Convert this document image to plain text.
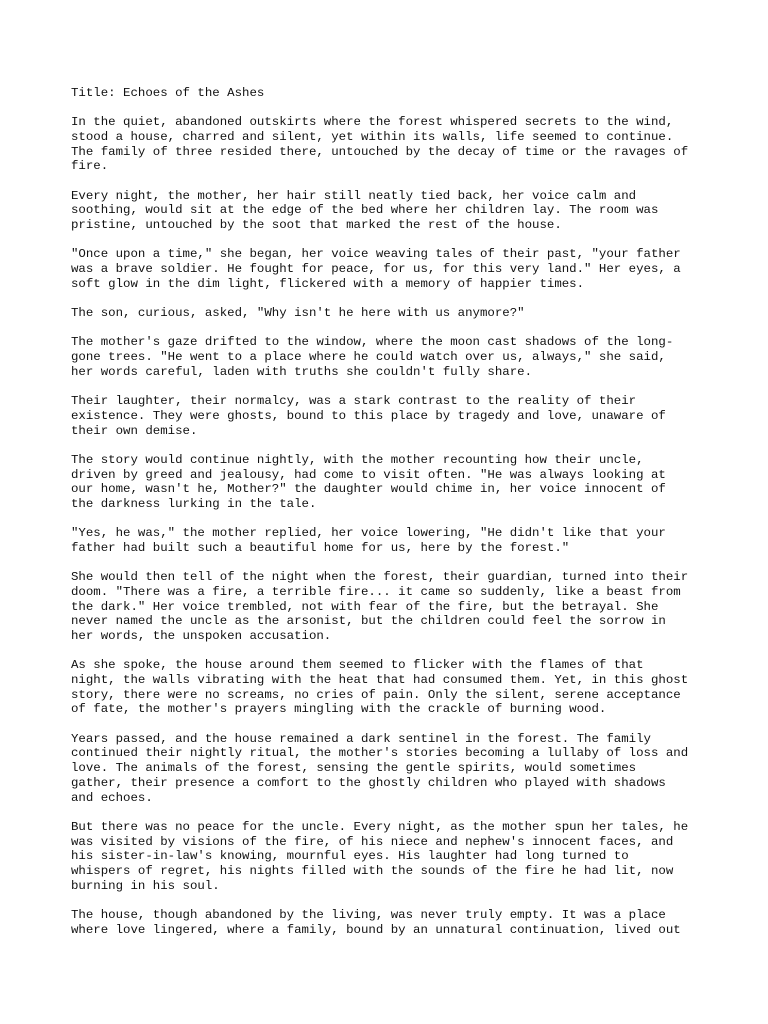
Title: Echoes of the Ashes

In the quiet, abandoned outskirts where the forest whispered secrets to the wind,
stood a house, charred and silent, yet within its walls, life seemed to continue.
The family of three resided there, untouched by the decay of time or the ravages of
fire.

Every night, the mother, her hair still neatly tied back, her voice calm and
soothing, would sit at the edge of the bed where her children lay. The room was
pristine, untouched by the soot that marked the rest of the house.

"Once upon a time," she began, her voice weaving tales of their past, "your father
was a brave soldier. He fought for peace, for us, for this very land." Her eyes, a
soft glow in the dim light, flickered with a memory of happier times.

The son, curious, asked, "Why isn't he here with us anymore?"

The mother's gaze drifted to the window, where the moon cast shadows of the long-
gone trees. "He went to a place where he could watch over us, always," she said,
her words careful, laden with truths she couldn't fully share.

Their laughter, their normalcy, was a stark contrast to the reality of their
existence. They were ghosts, bound to this place by tragedy and love, unaware of
their own demise.

The story would continue nightly, with the mother recounting how their uncle,
driven by greed and jealousy, had come to visit often. "He was always looking at
our home, wasn't he, Mother?" the daughter would chime in, her voice innocent of
the darkness lurking in the tale.

"Yes, he was," the mother replied, her voice lowering, "He didn't like that your
father had built such a beautiful home for us, here by the forest."

She would then tell of the night when the forest, their guardian, turned into their
doom. "There was a fire, a terrible fire... it came so suddenly, like a beast from
the dark." Her voice trembled, not with fear of the fire, but the betrayal. She
never named the uncle as the arsonist, but the children could feel the sorrow in
her words, the unspoken accusation.

As she spoke, the house around them seemed to flicker with the flames of that
night, the walls vibrating with the heat that had consumed them. Yet, in this ghost
story, there were no screams, no cries of pain. Only the silent, serene acceptance
of fate, the mother's prayers mingling with the crackle of burning wood.

Years passed, and the house remained a dark sentinel in the forest. The family
continued their nightly ritual, the mother's stories becoming a lullaby of loss and
love. The animals of the forest, sensing the gentle spirits, would sometimes
gather, their presence a comfort to the ghostly children who played with shadows
and echoes.

But there was no peace for the uncle. Every night, as the mother spun her tales, he
was visited by visions of the fire, of his niece and nephew's innocent faces, and
his sister-in-law's knowing, mournful eyes. His laughter had long turned to
whispers of regret, his nights filled with the sounds of the fire he had lit, now
burning in his soul.

The house, though abandoned by the living, was never truly empty. It was a place
where love lingered, where a family, bound by an unnatural continuation, lived out
